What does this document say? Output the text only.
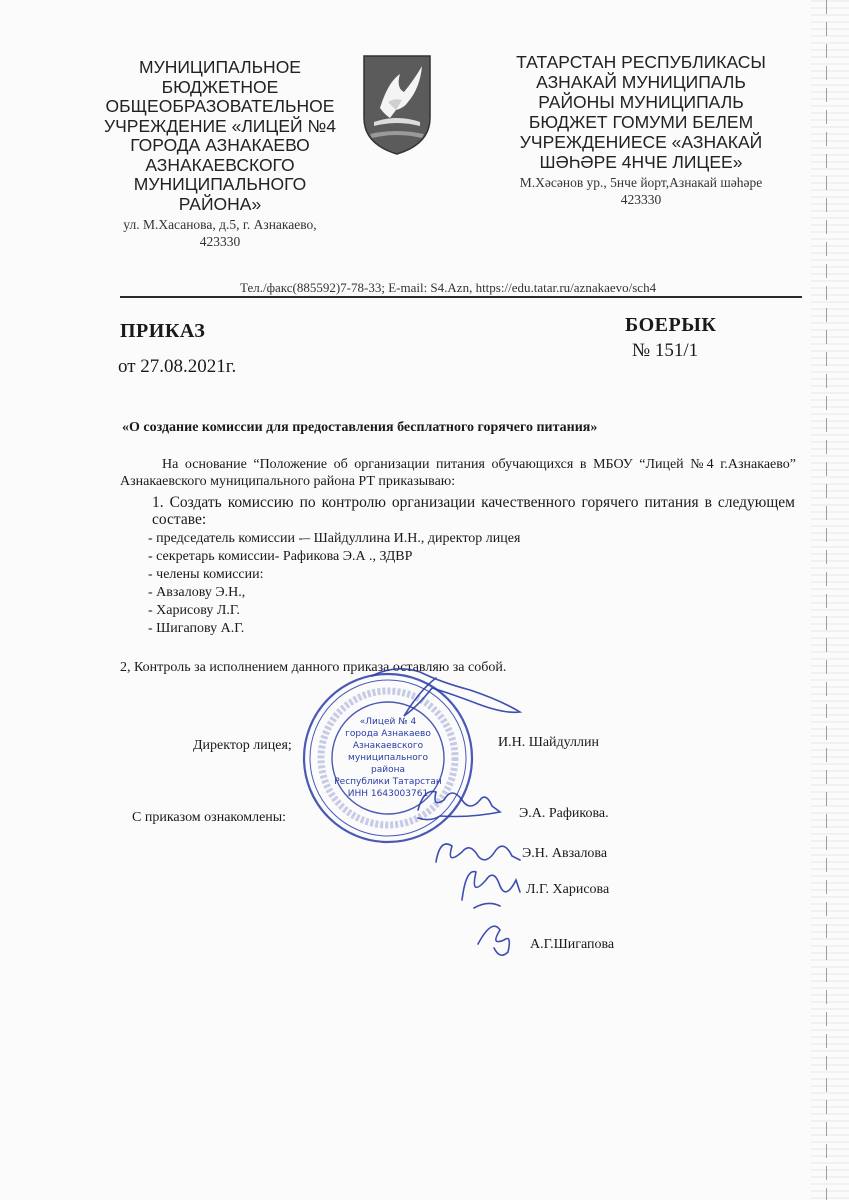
МУНИЦИПАЛЬНОЕ
БЮДЖЕТНОЕ
ОБЩЕОБРАЗОВАТЕЛЬНОЕ
УЧРЕЖДЕНИЕ «ЛИЦЕЙ №4
ГОРОДА АЗНАКАЕВО
АЗНАКАЕВСКОГО
МУНИЦИПАЛЬНОГО
РАЙОНА»
ул. М.Хасанова, д.5, г. Азнакаево,
423330
ТАТАРСТАН РЕСПУБЛИКАСЫ
АЗНАКАЙ МУНИЦИПАЛЬ
РАЙОНЫ МУНИЦИПАЛЬ
БЮДЖЕТ ГОМУМИ БЕЛЕМ
УЧРЕЖДЕНИЕСЕ «АЗНАКАЙ
ШӘҺӘРЕ 4НЧЕ ЛИЦЕЕ»
М.Хәсәнов ур., 5нче йорт,Азнакай шәһәре
423330
Тел./факс(885592)7-78-33; E-mail: S4.Azn, https://edu.tatar.ru/aznakaevo/sch4
ПРИКАЗ
от 27.08.2021г.
БОЕРЫК
№ 151/1
«О создание комиссии для предоставления бесплатного горячего питания»
На основание “Положение об организации питания обучающихся в МБОУ “Лицей №4 г.Азнакаево” Азнакаевского муниципального района РТ приказываю:
1. Создать комиссию по контролю организации качественного горячего питания в следующем составе:
- председатель комиссии -– Шайдуллина И.Н., директор лицея
- секретарь комиссии- Рафикова Э.А ., ЗДВР
- челены комиссии:
- Авзалову Э.Н.,
- Харисову Л.Г.
- Шигапову А.Г.
2, Контроль за исполнением данного приказа оставляю за собой.
«Лицей № 4
города Азнакаево
Азнакаевского
муниципального
района
Республики Татарстан
ИНН 1643003761
Директор лицея;	И.Н. Шайдуллин
С приказом ознакомлены:	Э.А. Рафикова.
Э.Н. Авзалова
Л.Г. Харисова
А.Г.Шигапова
